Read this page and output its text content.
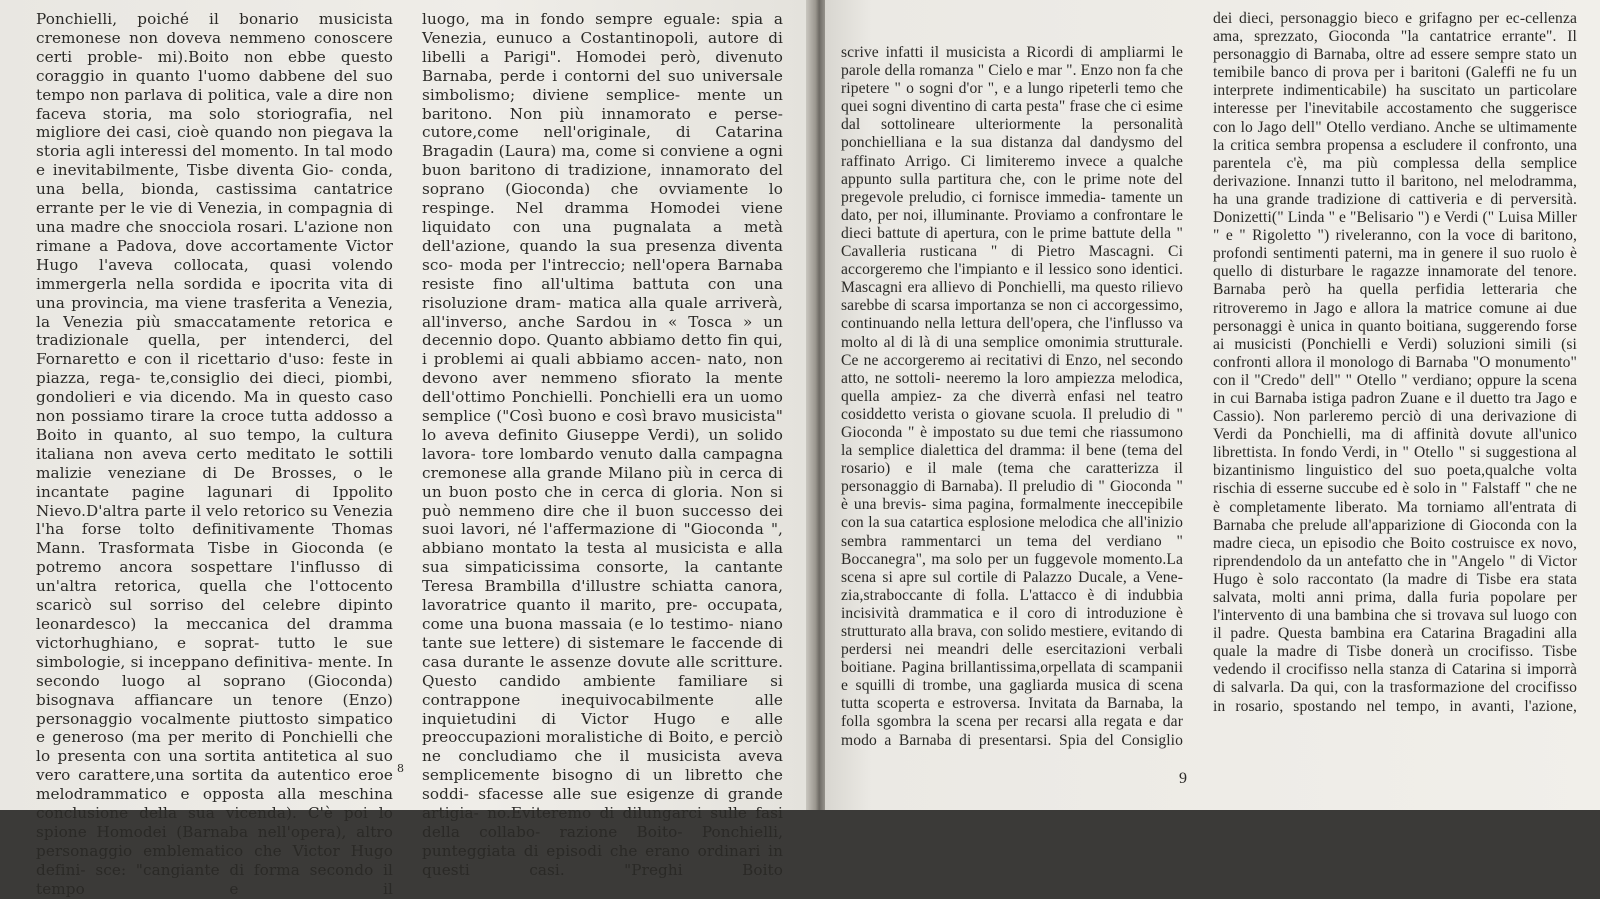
Ponchielli, poiché il bonario musicista cremonese non doveva nemmeno conoscere certi proble- mi).Boito non ebbe questo coraggio in quanto l'uomo dabbene del suo tempo non parlava di politica, vale a dire non faceva storia, ma solo storiografia, nel migliore dei casi, cioè quando non piegava la storia agli interessi del momento. In tal modo e inevitabilmente, Tisbe diventa Gio- conda, una bella, bionda, castissima cantatrice errante per le vie di Venezia, in compagnia di una madre che snocciola rosari. L'azione non rimane a Padova, dove accortamente Victor Hugo l'aveva collocata, quasi volendo immergerla nella sordida e ipocrita vita di una provincia, ma viene trasferita a Venezia, la Venezia più smaccatamente retorica e tradizionale quella, per intenderci, del Fornaretto e con il ricettario d'uso: feste in piazza, rega- te,consiglio dei dieci, piombi, gondolieri e via dicendo. Ma in questo caso non possiamo tirare la croce tutta addosso a Boito in quanto, al suo tempo, la cultura italiana non aveva certo meditato le sottili malizie veneziane di De Brosses, o le incantate pagine lagunari di Ippolito Nievo.D'altra parte il velo retorico su Venezia l'ha forse tolto definitivamente Thomas Mann. Trasformata Tisbe in Gioconda (e potremo ancora sospettare l'influsso di un'altra retorica, quella che l'ottocento scaricò sul sorriso del celebre dipinto leonardesco) la meccanica del dramma victorhughiano, e soprat- tutto le sue simbologie, si inceppano definitiva- mente. In secondo luogo al soprano (Gioconda) bisognava affiancare un tenore (Enzo) personaggio vocalmente piuttosto simpatico e generoso (ma per merito di Ponchielli che lo presenta con una sortita antitetica al suo vero carattere,una sortita da autentico eroe melodrammatico e opposta alla meschina conclusione della sua vicenda). C'è poi lo spione Homodei (Barnaba nell'opera), altro personaggio emblematico che Victor Hugo defini- sce: "cangiante di forma secondo il tempo e il

luogo, ma in fondo sempre eguale: spia a Venezia, eunuco a Costantinopoli, autore di libelli a Parigi". Homodei però, divenuto Barnaba, perde i contorni del suo universale simbolismo; diviene semplice- mente un baritono. Non più innamorato e perse- cutore,come nell'originale, di Catarina Bragadin (Laura) ma, come si conviene a ogni buon baritono di tradizione, innamorato del soprano (Gioconda) che ovviamente lo respinge. Nel dramma Homodei viene liquidato con una pugnalata a metà dell'azione, quando la sua presenza diventa sco- moda per l'intreccio; nell'opera Barnaba resiste fino all'ultima battuta con una risoluzione dram- matica alla quale arriverà, all'inverso, anche Sardou in « Tosca » un decennio dopo. Quanto abbiamo detto fin qui, i problemi ai quali abbiamo accen- nato, non devono aver nemmeno sfiorato la mente dell'ottimo Ponchielli. Ponchielli era un uomo semplice ("Così buono e così bravo musicista" lo aveva definito Giuseppe Verdi), un solido lavora- tore lombardo venuto dalla campagna cremonese alla grande Milano più in cerca di un buon posto che in cerca di gloria. Non si può nemmeno dire che il buon successo dei suoi lavori, né l'affermazione di "Gioconda ", abbiano montato la testa al musicista e alla sua simpaticissima consorte, la cantante Teresa Brambilla d'illustre schiatta canora, lavoratrice quanto il marito, pre- occupata, come una buona massaia (e lo testimo- niano tante sue lettere) di sistemare le faccende di casa durante le assenze dovute alle scritture. Questo candido ambiente familiare si contrappone inequivocabilmente alle inquietudini di Victor Hugo e alle preoccupazioni moralistiche di Boito, e perciò ne concludiamo che il musicista aveva semplicemente bisogno di un libretto che soddi- sfacesse alle sue esigenze di grande artigia- no.Eviteremo di dilungarci sulle fasi della collabo- razione Boito- Ponchielli, punteggiata di episodi che erano ordinari in questi casi. "Preghi Boito

8

scrive infatti il musicista a Ricordi di ampliarmi le parole della romanza " Cielo e mar ". Enzo non fa che ripetere " o sogni d'or ", e a lungo ripeterli temo che quei sogni diventino di carta pesta" frase che ci esime dal sottolineare ulteriormente la personalità ponchielliana e la sua distanza dal dandysmo del raffinato Arrigo. Ci limiteremo invece a qualche appunto sulla partitura che, con le prime note del pregevole preludio, ci fornisce immedia- tamente un dato, per noi, illuminante. Proviamo a confrontare le dieci battute di apertura, con le prime battute della " Cavalleria rusticana " di Pietro Mascagni. Ci accorgeremo che l'impianto e il lessico sono identici. Mascagni era allievo di Ponchielli, ma questo rilievo sarebbe di scarsa importanza se non ci accorgessimo, continuando nella lettura dell'opera, che l'influsso va molto al di là di una semplice omonimia strutturale. Ce ne accorgeremo ai recitativi di Enzo, nel secondo atto, ne sottoli- neeremo la loro ampiezza melodica, quella ampiez- za che diverrà enfasi nel teatro cosiddetto verista o giovane scuola. Il preludio di " Gioconda " è impostato su due temi che riassumono la semplice dialettica del dramma: il bene (tema del rosario) e il male (tema che caratterizza il personaggio di Barnaba). Il preludio di " Gioconda " è una brevis- sima pagina, formalmente ineccepibile con la sua catartica esplosione melodica che all'inizio sembra rammentarci un tema del verdiano " Boccanegra", ma solo per un fuggevole momento.La scena si apre sul cortile di Palazzo Ducale, a Vene- zia,straboccante di folla. L'attacco è di indubbia incisività drammatica e il coro di introduzione è strutturato alla brava, con solido mestiere, evitando di perdersi nei meandri delle esercitazioni verbali boitiane. Pagina brillantissima,orpellata di scampanii e squilli di trombe, una gagliarda musica di scena tutta scoperta e estroversa. Invitata da Barnaba, la folla sgombra la scena per recarsi alla regata e dar modo a Barnaba di presentarsi. Spia del Consiglio

dei dieci, personaggio bieco e grifagno per ec-cellenza ama, sprezzato, Gioconda "la cantatrice errante". Il personaggio di Barnaba, oltre ad essere sempre stato un temibile banco di prova per i baritoni (Galeffi ne fu un interprete indimenticabile) ha suscitato un particolare interesse per l'inevitabile accostamento che suggerisce con lo Jago dell" Otello verdiano. Anche se ultimamente la critica sembra propensa a escludere il confronto, una parentela c'è, ma più complessa della semplice derivazione. Innanzi tutto il baritono, nel melodramma, ha una grande tradizione di cattiveria e di perversità. Donizetti(" Linda " e "Belisario ") e Verdi (" Luisa Miller " e " Rigoletto ") riveleranno, con la voce di baritono, profondi sentimenti paterni, ma in genere il suo ruolo è quello di disturbare le ragazze innamorate del tenore. Barnaba però ha quella perfidia letteraria che ritroveremo in Jago e allora la matrice comune ai due personaggi è unica in quanto boitiana, suggerendo forse ai musicisti (Ponchielli e Verdi) soluzioni simili (si confronti allora il monologo di Barnaba "O monumento" con il "Credo" dell" " Otello " verdiano; oppure la scena in cui Barnaba istiga padron Zuane e il duetto tra Jago e Cassio). Non parleremo perciò di una derivazione di Verdi da Ponchielli, ma di affinità dovute all'unico librettista. In fondo Verdi, in " Otello " si suggestiona al bizantinismo linguistico del suo poeta,qualche volta rischia di esserne succube ed è solo in " Falstaff " che ne è completamente liberato. Ma torniamo all'entrata di Barnaba che prelude all'apparizione di Gioconda con la madre cieca, un episodio che Boito costruisce ex novo, riprendendolo da un antefatto che in "Angelo " di Victor Hugo è solo raccontato (la madre di Tisbe era stata salvata, molti anni prima, dalla furia popolare per l'intervento di una bambina che si trovava sul luogo con il padre. Questa bambina era Catarina Bragadini alla quale la madre di Tisbe donerà un crocifisso. Tisbe vedendo il crocifisso nella stanza di Catarina si imporrà di salvarla. Da qui, con la trasformazione del crocifisso in rosario, spostando nel tempo, in avanti, l'azione,

9
